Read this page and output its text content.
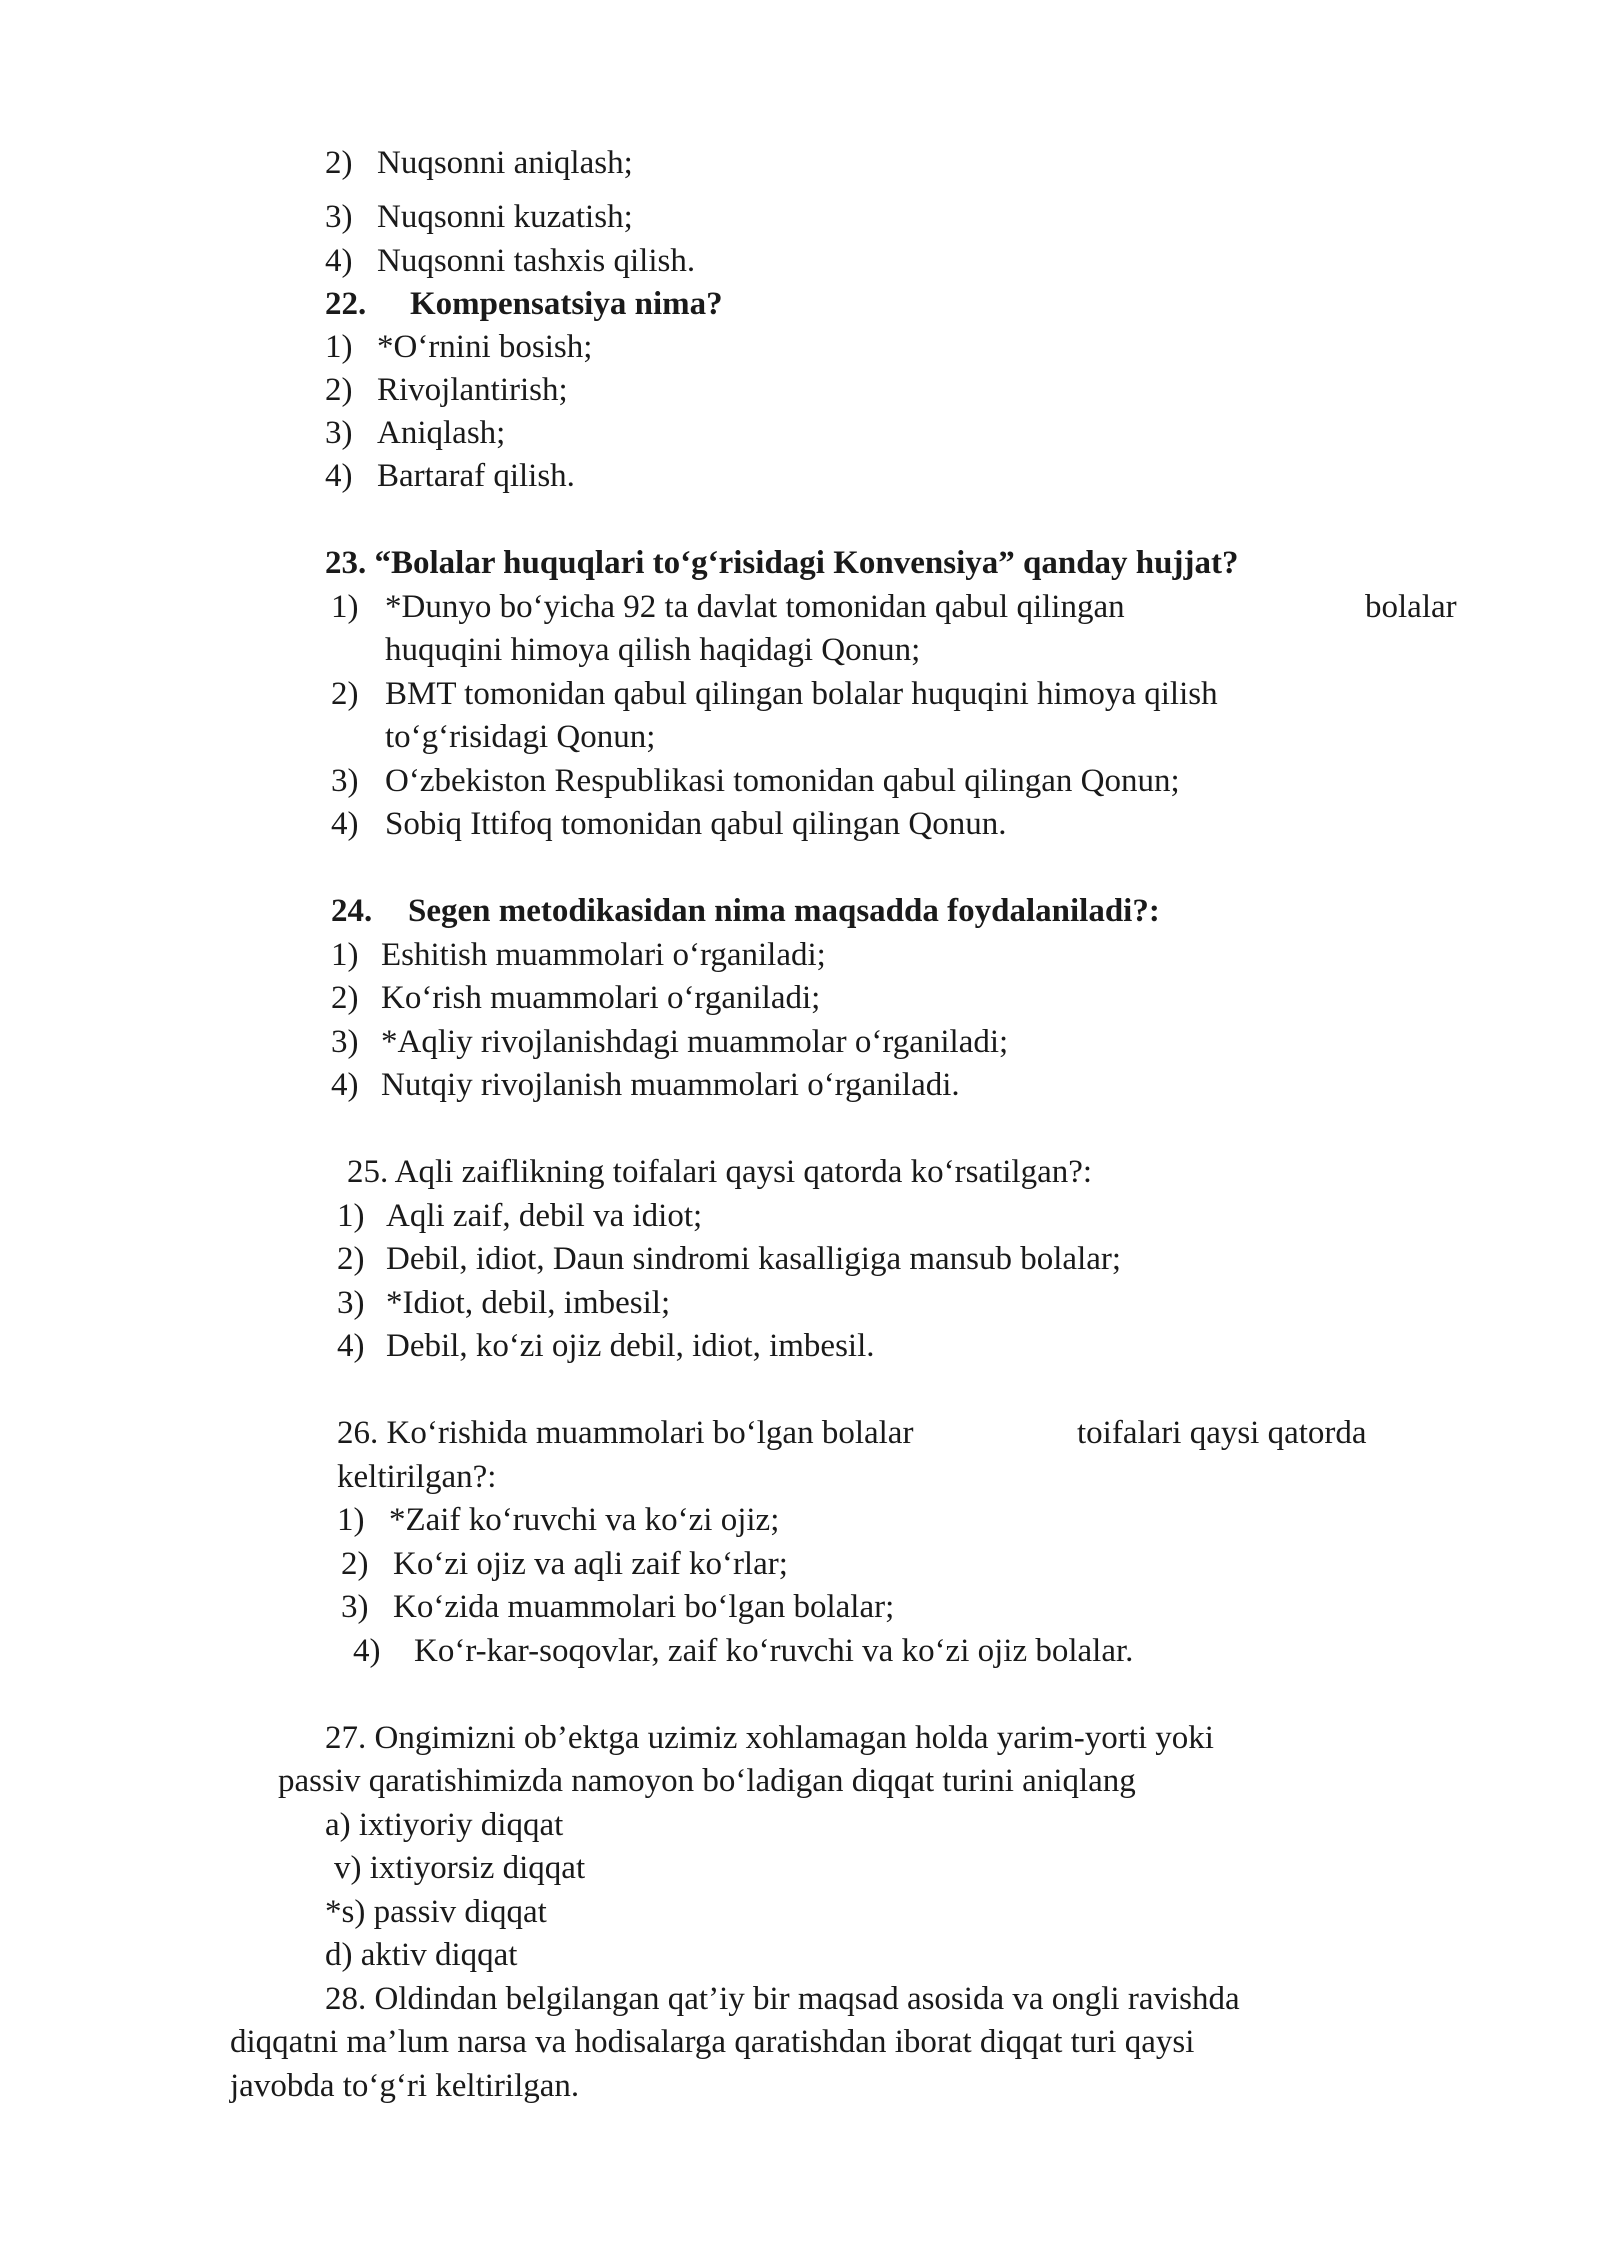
2) Nuqsonni aniqlash;
3) Nuqsonni kuzatish;
4) Nuqsonni tashxis qilish.
22. Kompensatsiya nima?
1) *O‘rnini bosish;
2) Rivojlantirish;
3) Aniqlash;
4) Bartaraf qilish.
23. “Bolalar huquqlari to‘g‘risidagi Konvensiya” qanday hujjat?
1) *Dunyo bo‘yicha 92 ta davlat tomonidan qabul qilingan	bolalar
huquqini himoya qilish haqidagi Qonun;
2) BMT tomonidan qabul qilingan bolalar huquqini himoya qilish
to‘g‘risidagi Qonun;
3) O‘zbekiston Respublikasi tomonidan qabul qilingan Qonun;
4) Sobiq Ittifoq tomonidan qabul qilingan Qonun.
24. Segen metodikasidan nima maqsadda foydalaniladi?:
1) Eshitish muammolari o‘rganiladi;
2) Ko‘rish muammolari o‘rganiladi;
3) *Aqliy rivojlanishdagi muammolar o‘rganiladi;
4) Nutqiy rivojlanish muammolari o‘rganiladi.
25. Aqli zaiflikning toifalari qaysi qatorda ko‘rsatilgan?:
1) Aqli zaif, debil va idiot;
2) Debil, idiot, Daun sindromi kasalligiga mansub bolalar;
3) *Idiot, debil, imbesil;
4) Debil, ko‘zi ojiz debil, idiot, imbesil.
26. Ko‘rishida muammolari bo‘lgan bolalar	toifalari qaysi qatorda
keltirilgan?:
1) *Zaif ko‘ruvchi va ko‘zi ojiz;
2) Ko‘zi ojiz va aqli zaif ko‘rlar;
3) Ko‘zida muammolari bo‘lgan bolalar;
4) Ko‘r-kar-soqovlar, zaif ko‘ruvchi va ko‘zi ojiz bolalar.
27. Ongimizni ob’ektga uzimiz xohlamagan holda yarim-yorti yoki
passiv qaratishimizda namoyon bo‘ladigan diqqat turini aniqlang
a) ixtiyoriy diqqat
v) ixtiyorsiz diqqat
*s) passiv diqqat
d) aktiv diqqat
28. Oldindan belgilangan qat’iy bir maqsad asosida va ongli ravishda
diqqatni ma’lum narsa va hodisalarga qaratishdan iborat diqqat turi qaysi
javobda to‘g‘ri keltirilgan.
